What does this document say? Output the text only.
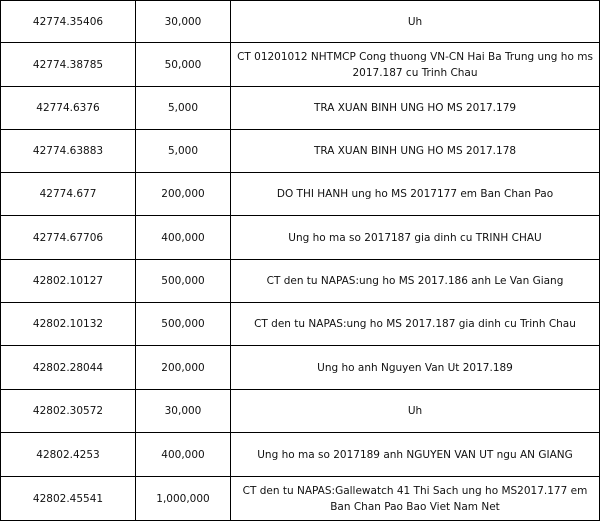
42774.35406	30,000	Uh
42774.38785	50,000	CT 01201012 NHTMCP Cong thuong VN-CN Hai Ba Trung ung ho ms 2017.187 cu Trinh Chau
42774.6376	5,000	TRA XUAN BINH UNG HO MS 2017.179
42774.63883	5,000	TRA XUAN BINH UNG HO MS 2017.178
42774.677	200,000	DO THI HANH ung ho MS 2017177 em Ban Chan Pao
42774.67706	400,000	Ung ho ma so 2017187 gia dinh cu TRINH CHAU
42802.10127	500,000	CT den tu NAPAS:ung ho MS 2017.186 anh Le Van Giang
42802.10132	500,000	CT den tu NAPAS:ung ho MS 2017.187 gia dinh cu Trinh Chau
42802.28044	200,000	Ung ho anh Nguyen Van Ut 2017.189
42802.30572	30,000	Uh
42802.4253	400,000	Ung ho ma so 2017189 anh NGUYEN VAN UT ngu AN GIANG
42802.45541	1,000,000	CT den tu NAPAS:Gallewatch 41 Thi Sach ung ho MS2017.177 em Ban Chan Pao Bao Viet Nam Net
